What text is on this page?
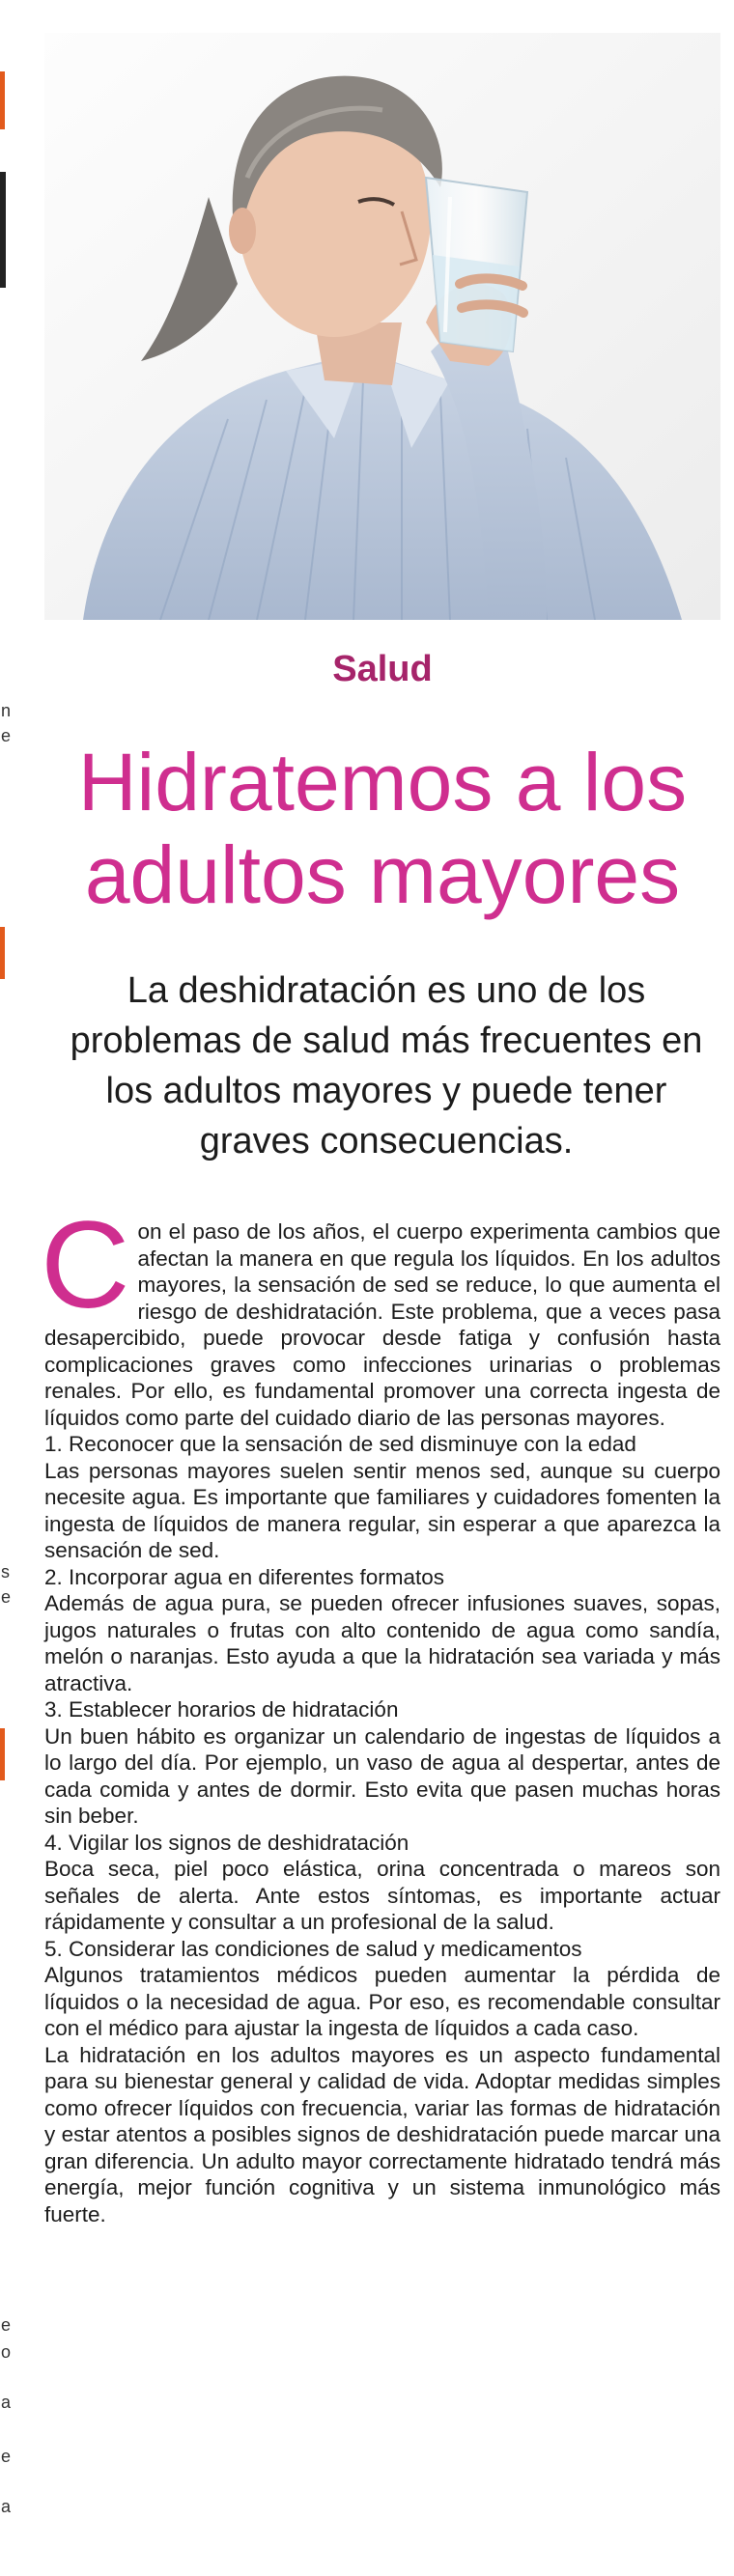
n
e
s
e
e
o
a
e
a
Salud
Hidratemos a los adultos mayores

La deshidratación es uno de los problemas de salud más frecuentes en los adultos mayores y puede tener graves consecuencias.

Con el paso de los años, el cuerpo experimenta cambios que afectan la manera en que regula los líquidos. En los adultos mayores, la sensación de sed se reduce, lo que aumenta el riesgo de deshidratación. Este problema, que a veces pasa desapercibido, puede provocar desde fatiga y confusión hasta complicaciones graves como infecciones urinarias o problemas renales. Por ello, es fundamental promover una correcta ingesta de líquidos como parte del cuidado diario de las personas mayores.

1. Reconocer que la sensación de sed disminuye con la edad

Las personas mayores suelen sentir menos sed, aunque su cuerpo necesite agua. Es importante que familiares y cuidadores fomenten la ingesta de líquidos de manera regular, sin esperar a que aparezca la sensación de sed.

2. Incorporar agua en diferentes formatos

Además de agua pura, se pueden ofrecer infusiones suaves, sopas, jugos naturales o frutas con alto contenido de agua como sandía, melón o naranjas. Esto ayuda a que la hidratación sea variada y más atractiva.

3. Establecer horarios de hidratación

Un buen hábito es organizar un calendario de ingestas de líquidos a lo largo del día. Por ejemplo, un vaso de agua al despertar, antes de cada comida y antes de dormir. Esto evita que pasen muchas horas sin beber.

4. Vigilar los signos de deshidratación

Boca seca, piel poco elástica, orina concentrada o mareos son señales de alerta. Ante estos síntomas, es importante actuar rápidamente y consultar a un profesional de la salud.

5. Considerar las condiciones de salud y medicamentos

Algunos tratamientos médicos pueden aumentar la pérdida de líquidos o la necesidad de agua. Por eso, es recomendable consultar con el médico para ajustar la ingesta de líquidos a cada caso.

La hidratación en los adultos mayores es un aspecto fundamental para su bienestar general y calidad de vida. Adoptar medidas simples como ofrecer líquidos con frecuencia, variar las formas de hidratación y estar atentos a posibles signos de deshidratación puede marcar una gran diferencia. Un adulto mayor correctamente hidratado tendrá más energía, mejor función cognitiva y un sistema inmunológico más fuerte.
